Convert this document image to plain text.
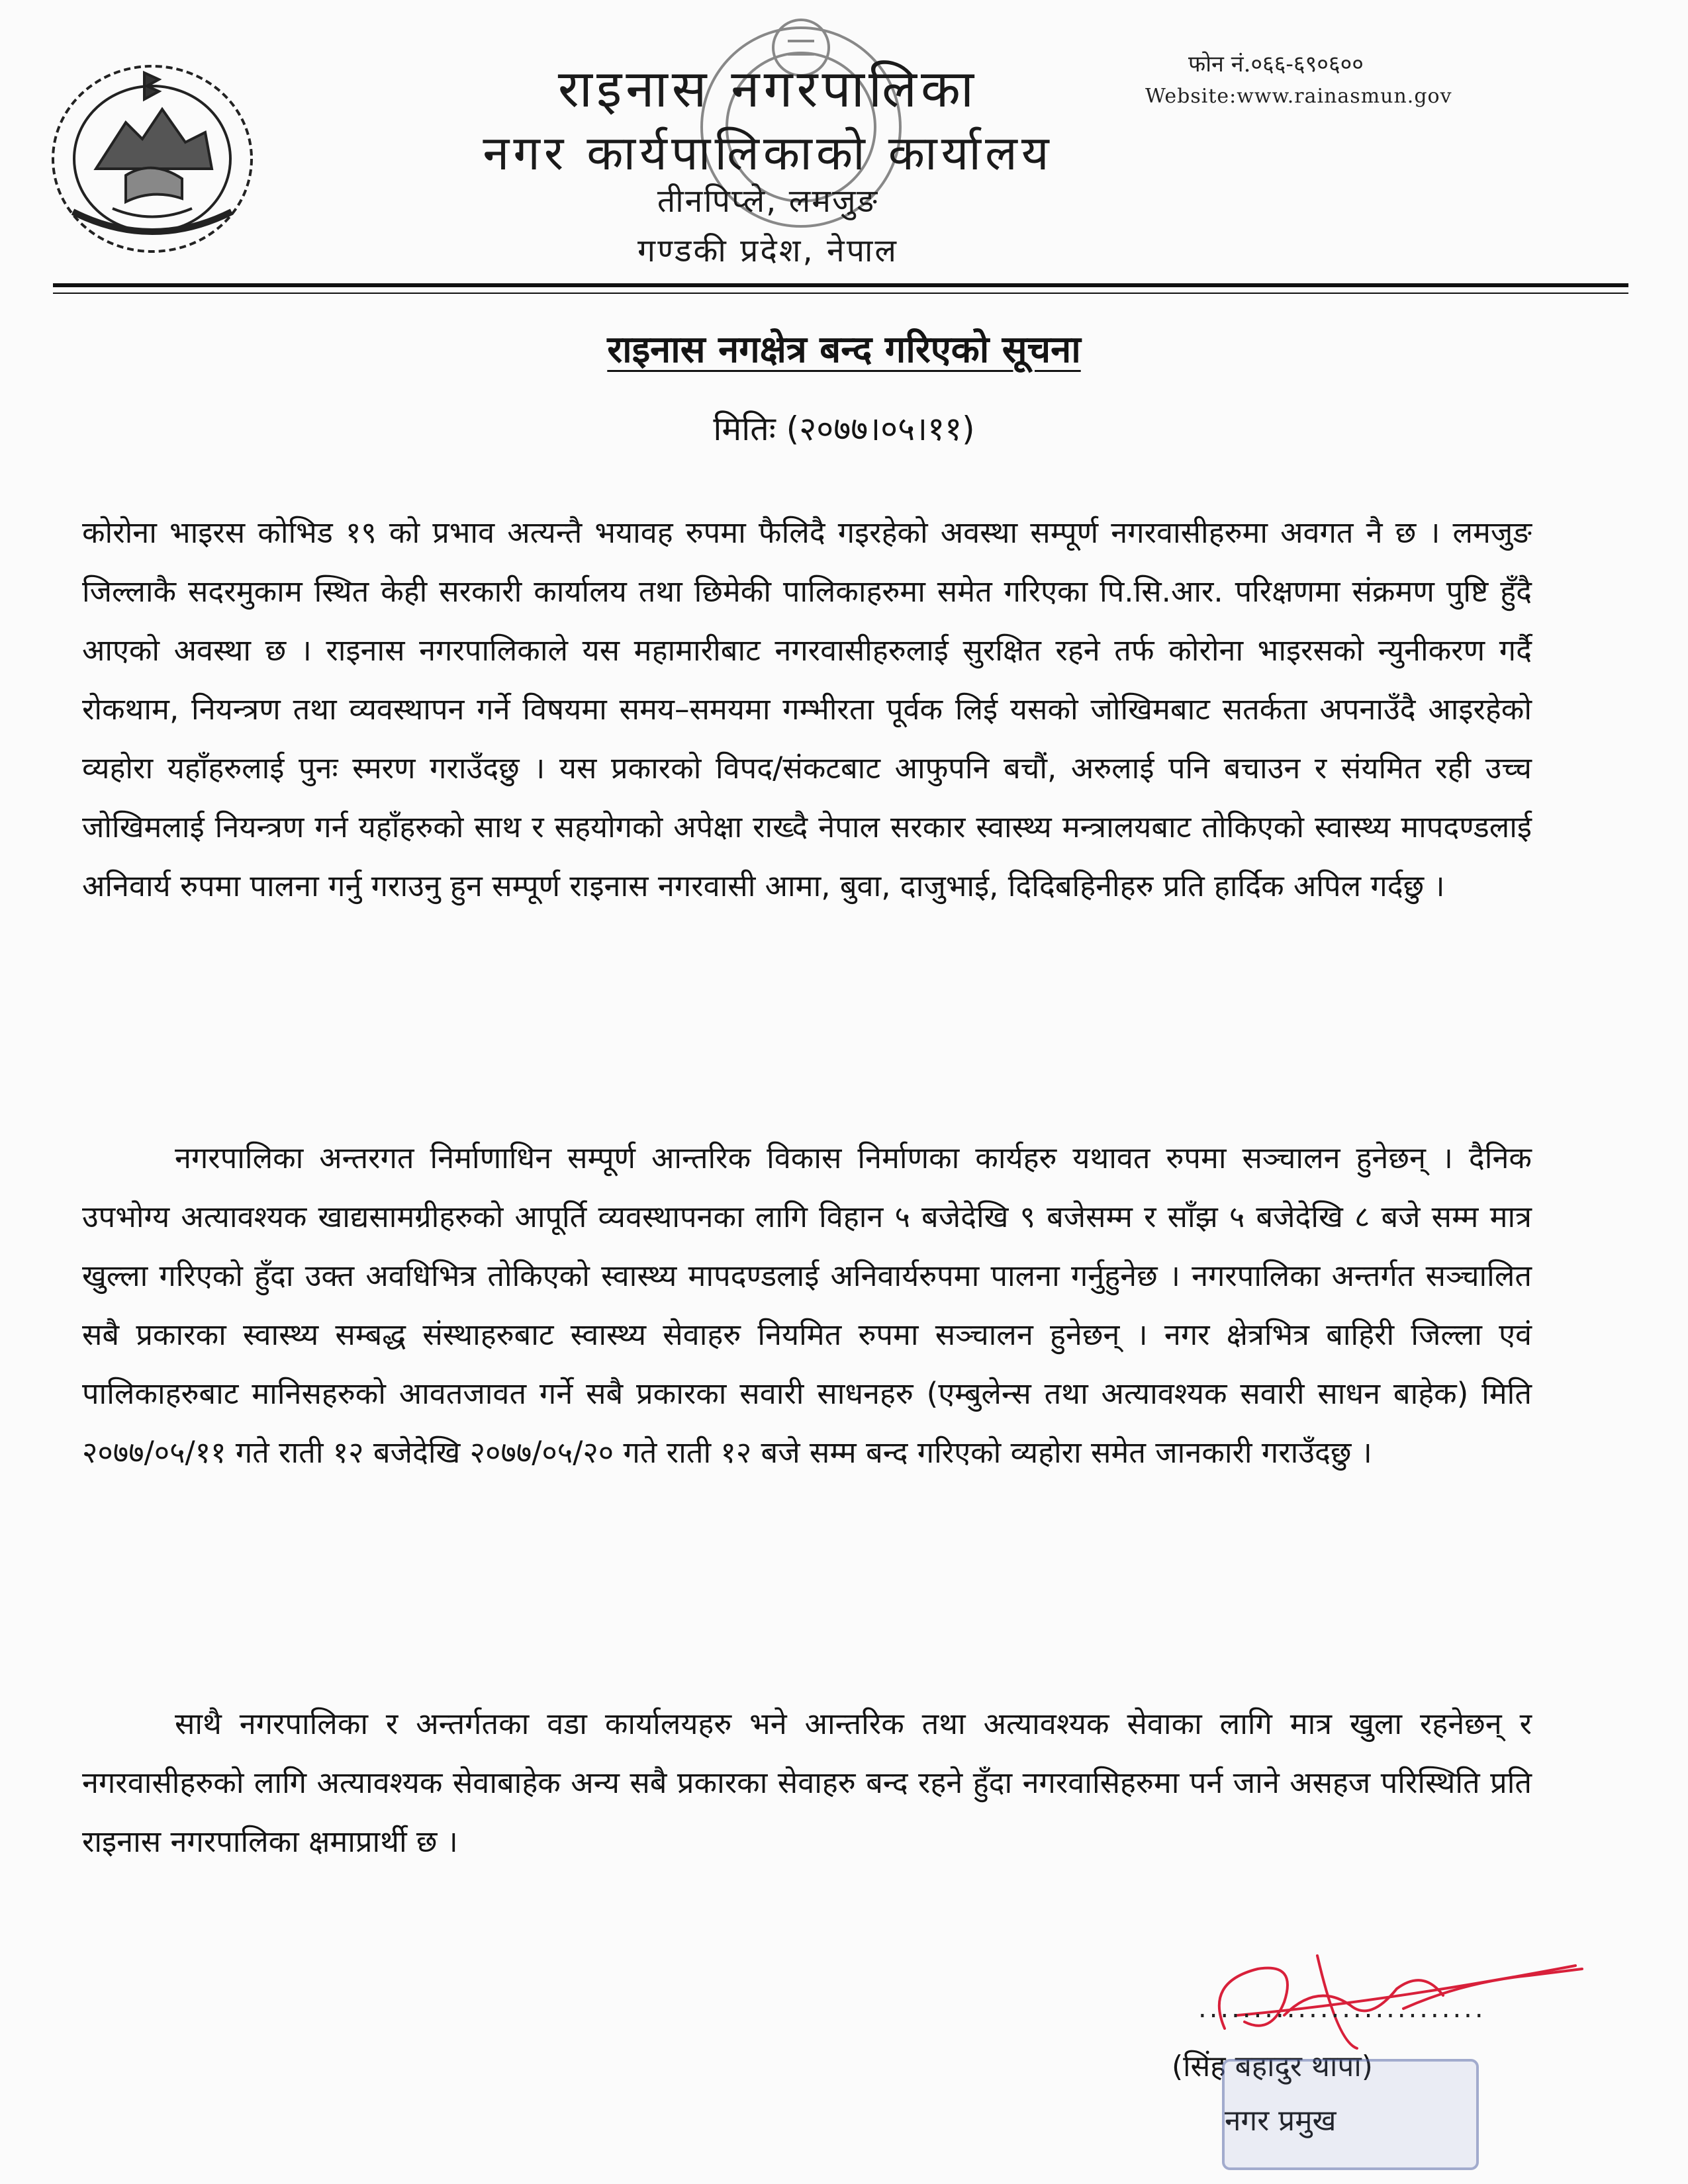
राइनास नगरपालिका
नगर कार्यपालिकाको कार्यालय
तीनपिप्ले, लमजुङ
गण्डकी प्रदेश, नेपाल
फोन नं.०६६-६९०६००
Website:www.rainasmun.gov
राइनास नगक्षेत्र बन्द गरिएको सूचना
मितिः (२०७७।०५।११)

कोरोना भाइरस कोभिड १९ को प्रभाव अत्यन्तै भयावह रुपमा फैलिदै गइरहेको अवस्था सम्पूर्ण नगरवासीहरुमा अवगत नै छ । लमजुङ जिल्लाकै सदरमुकाम स्थित केही सरकारी कार्यालय तथा छिमेकी पालिकाहरुमा समेत गरिएका पि.सि.आर. परिक्षणमा संक्रमण पुष्टि हुँदै आएको अवस्था छ । राइनास नगरपालिकाले यस महामारीबाट नगरवासीहरुलाई सुरक्षित रहने तर्फ कोरोना भाइरसको न्युनीकरण गर्दै रोकथाम, नियन्त्रण तथा व्यवस्थापन गर्ने विषयमा समय–समयमा गम्भीरता पूर्वक लिई यसको जोखिमबाट सतर्कता अपनाउँदै आइरहेको व्यहोरा यहाँहरुलाई पुनः स्मरण गराउँदछु । यस प्रकारको विपद/संकटबाट आफुपनि बचौं, अरुलाई पनि बचाउन र संयमित रही उच्च जोखिमलाई नियन्त्रण गर्न यहाँहरुको साथ र सहयोगको अपेक्षा राख्दै नेपाल सरकार स्वास्थ्य मन्त्रालयबाट तोकिएको स्वास्थ्य मापदण्डलाई अनिवार्य रुपमा पालना गर्नु गराउनु हुन सम्पूर्ण राइनास नगरवासी आमा, बुवा, दाजुभाई, दिदिबहिनीहरु प्रति हार्दिक अपिल गर्दछु ।

नगरपालिका अन्तरगत निर्माणाधिन सम्पूर्ण आन्तरिक विकास निर्माणका कार्यहरु यथावत रुपमा सञ्चालन हुनेछन् । दैनिक उपभोग्य अत्यावश्यक खाद्यसामग्रीहरुको आपूर्ति व्यवस्थापनका लागि विहान ५ बजेदेखि ९ बजेसम्म र साँझ ५ बजेदेखि ८ बजे सम्म मात्र खुल्ला गरिएको हुँदा उक्त अवधिभित्र तोकिएको स्वास्थ्य मापदण्डलाई अनिवार्यरुपमा पालना गर्नुहुनेछ । नगरपालिका अन्तर्गत सञ्चालित सबै प्रकारका स्वास्थ्य सम्बद्ध संस्थाहरुबाट स्वास्थ्य सेवाहरु नियमित रुपमा सञ्चालन हुनेछन् । नगर क्षेत्रभित्र बाहिरी जिल्ला एवं पालिकाहरुबाट मानिसहरुको आवतजावत गर्ने सबै प्रकारका सवारी साधनहरु (एम्बुलेन्स तथा अत्यावश्यक सवारी साधन बाहेक) मिति २०७७/०५/११ गते राती १२ बजेदेखि २०७७/०५/२० गते राती १२ बजे सम्म बन्द गरिएको व्यहोरा समेत जानकारी गराउँदछु ।

साथै नगरपालिका र अन्तर्गतका वडा कार्यालयहरु भने आन्तरिक तथा अत्यावश्यक सेवाका लागि मात्र खुला रहनेछन् र नगरवासीहरुको लागि अत्यावश्यक सेवाबाहेक अन्य सबै प्रकारका सेवाहरु बन्द रहने हुँदा नगरवासिहरुमा पर्न जाने असहज परिस्थिति प्रति राइनास नगरपालिका क्षमाप्रार्थी छ ।

..........................
(सिंह बहादुर थापा)
नगर प्रमुख
